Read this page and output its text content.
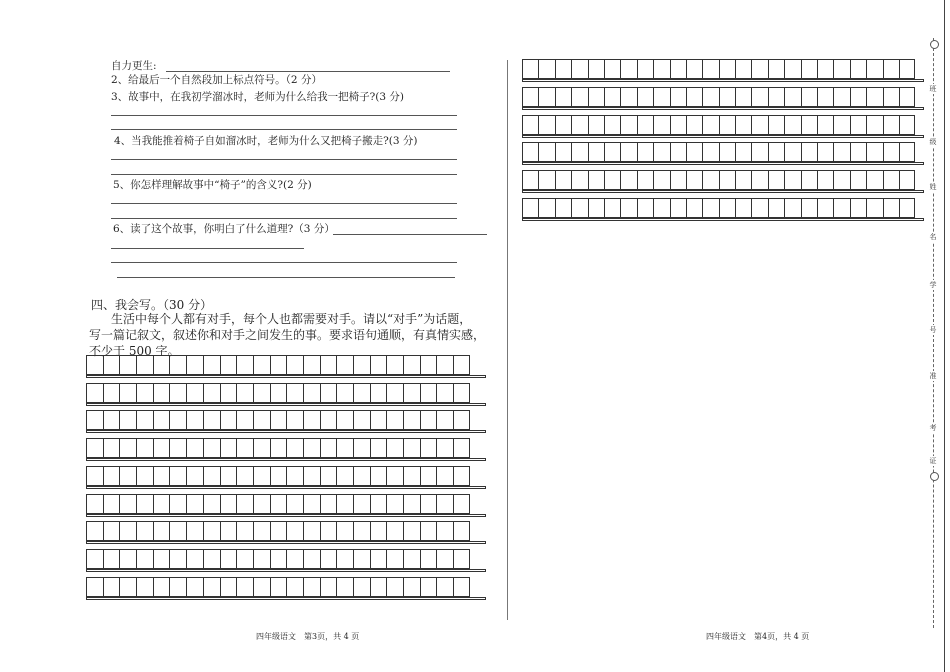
自力更生:
2、给最后一个自然段加上标点符号。（2 分）
3、故事中，在我初学溜冰时，老师为什么给我一把椅子?(3 分)
4、当我能推着椅子自如溜冰时，老师为什么又把椅子搬走?(3 分)
5、你怎样理解故事中“椅子”的含义?(2 分)
6、读了这个故事，你明白了什么道理?（3 分）
四、我会写。（30 分）
生活中每个人都有对手，每个人也都需要对手。请以“对手”为话题，
写一篇记叙文，叙述你和对手之间发生的事。要求语句通顺，有真情实感，
不少于 500 字。
四年级语文　第3页，共 4 页	四年级语文　第4页，共 4 页
班
级
姓
名
学
号
准
考
证
